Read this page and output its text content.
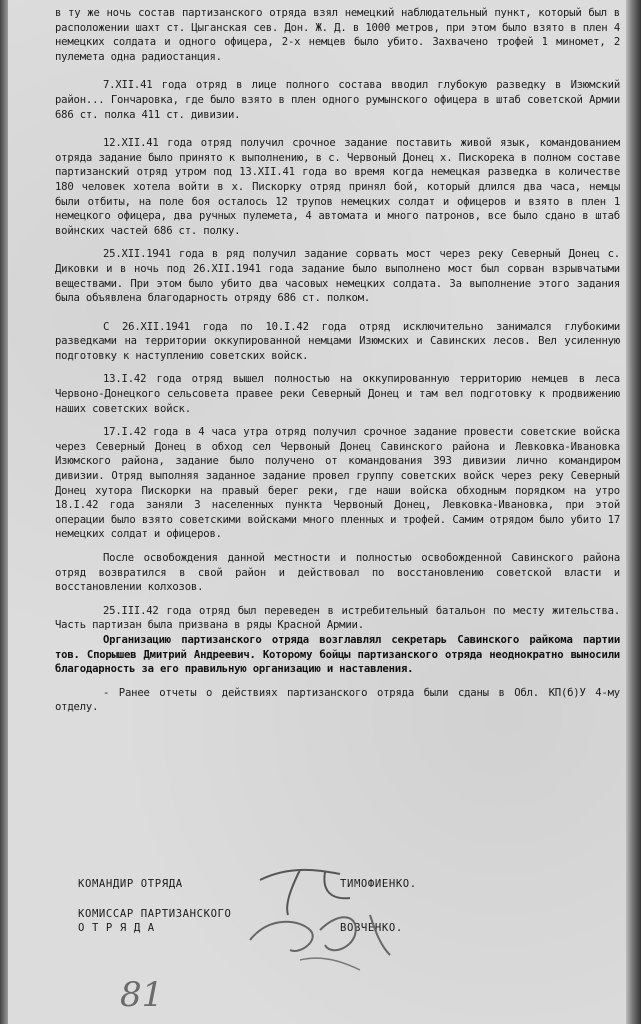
в ту же ночь состав партизанского отряда взял немецкий наблюдательный пункт, который был в расположении шахт ст. Цыганская сев. Дон. Ж. Д. в 1000 метров, при этом было взято в плен 4 немецких солдата и одного офицера, 2-х немцев было убито. Захвачено трофей 1 миномет, 2 пулемета одна радиостанция.

7.XII.41 года отряд в лице полного состава вводил глубокую разведку в Изюмский район... Гончаровка, где было взято в плен одного румынского офицера в штаб советской Армии 686 ст. полка 411 ст. дивизии.

12.XII.41 года отряд получил срочное задание поставить живой язык, командованием отряда задание было принято к выполнению, в с. Червоный Донец х. Пискорека в полном составе партизанский отряд утром под 13.XII.41 года во время когда немецкая разведка в количестве 180 человек хотела войти в х. Пискорку отряд принял бой, который длился два часа, немцы были отбиты, на поле боя осталось 12 трупов немецких солдат и офицеров и взято в плен 1 немецкого офицера, два ручных пулемета, 4 автомата и много патронов, все было сдано в штаб войнских частей 686 ст. полку.

25.XII.1941 года в ряд получил задание сорвать мост через реку Северный Донец с. Диковки и в ночь под 26.XII.1941 года задание было выполнено мост был сорван взрывчатыми веществами. При этом было убито два часовых немецких солдата. За выполнение этого задания была объявлена благодарность отряду 686 ст. полком.

С 26.XII.1941 года по 10.I.42 года отряд исключительно занимался глубокими разведками на территории оккупированной немцами Изюмских и Савинских лесов. Вел усиленную подготовку к наступлению советских войск.

13.I.42 года отряд вышел полностью на оккупированную территорию немцев в леса Червоно-Донецкого сельсовета правее реки Северный Донец и там вел подготовку к продвижению наших советских войск.

17.I.42 года в 4 часа утра отряд получил срочное задание провести советские войска через Северный Донец в обход сел Червоный Донец Савинского района и Левковка-Ивановка Изюмского района, задание было получено от командования 393 дивизии лично командиром дивизии. Отряд выполняя заданное задание провел группу советских войск через реку Северный Донец хутора Пискорки на правый берег реки, где наши войска обходным порядком на утро 18.I.42 года заняли 3 населенных пункта Червоный Донец, Левковка-Ивановка, при этой операции было взято советскими войсками много пленных и трофей. Самим отрядом было убито 17 немецких солдат и офицеров.

После освобождения данной местности и полностью освобожденной Савинского района отряд возвратился в свой район и действовал по восстановлению советской власти и восстановлении колхозов.

25.III.42 года отряд был переведен в истребительный батальон по месту жительства. Часть партизан была призвана в ряды Красной Армии.

Организацию партизанского отряда возглавлял секретарь Савинского райкома партии тов. Спорышев Дмитрий Андреевич. Которому бойцы партизанского отряда неоднократно выносили благодарность за его правильную организацию и наставления.

- Ранее отчеты о действиях партизанского отряда были сданы в Обл. КП(б)У 4-му отделу.

КОМАНДИР ОТРЯДА	ТИМОФИЕНКО.
КОМИССАР ПАРТИЗАНСКОГО
О Т Р Я Д А	ВОВЧЕНКО.
81
